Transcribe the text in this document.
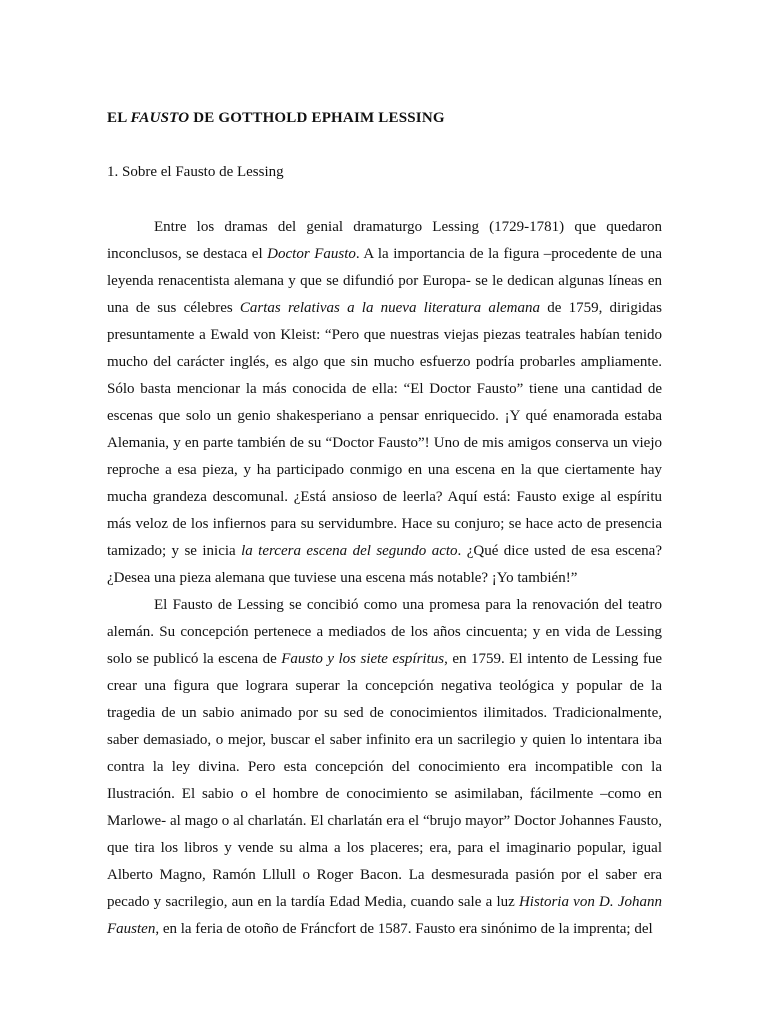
EL FAUSTO DE GOTTHOLD EPHAIM LESSING

1. Sobre el Fausto de Lessing

Entre los dramas del genial dramaturgo Lessing (1729-1781) que quedaron inconclusos, se destaca el Doctor Fausto. A la importancia de la figura –procedente de una leyenda renacentista alemana y que se difundió por Europa- se le dedican algunas líneas en una de sus célebres Cartas relativas a la nueva literatura alemana de 1759, dirigidas presuntamente a Ewald von Kleist: “Pero que nuestras viejas piezas teatrales habían tenido mucho del carácter inglés, es algo que sin mucho esfuerzo podría probarles ampliamente. Sólo basta mencionar la más conocida de ella: “El Doctor Fausto” tiene una cantidad de escenas que solo un genio shakesperiano a pensar enriquecido. ¡Y qué enamorada estaba Alemania, y en parte también de su “Doctor Fausto”! Uno de mis amigos conserva un viejo reproche a esa pieza, y ha participado conmigo en una escena en la que ciertamente hay mucha grandeza descomunal. ¿Está ansioso de leerla? Aquí está: Fausto exige al espíritu más veloz de los infiernos para su servidumbre. Hace su conjuro; se hace acto de presencia tamizado; y se inicia la tercera escena del segundo acto. ¿Qué dice usted de esa escena? ¿Desea una pieza alemana que tuviese una escena más notable? ¡Yo también!”

El Fausto de Lessing se concibió como una promesa para la renovación del teatro alemán. Su concepción pertenece a mediados de los años cincuenta; y en vida de Lessing solo se publicó la escena de Fausto y los siete espíritus, en 1759. El intento de Lessing fue crear una figura que lograra superar la concepción negativa teológica y popular de la tragedia de un sabio animado por su sed de conocimientos ilimitados. Tradicionalmente, saber demasiado, o mejor, buscar el saber infinito era un sacrilegio y quien lo intentara iba contra la ley divina. Pero esta concepción del conocimiento era incompatible con la Ilustración. El sabio o el hombre de conocimiento se asimilaban, fácilmente –como en Marlowe- al mago o al charlatán. El charlatán era el “brujo mayor” Doctor Johannes Fausto, que tira los libros y vende su alma a los placeres; era, para el imaginario popular, igual Alberto Magno, Ramón Lllull o Roger Bacon. La desmesurada pasión por el saber era pecado y sacrilegio, aun en la tardía Edad Media, cuando sale a luz Historia von D. Johann Fausten, en la feria de otoño de Fráncfort de 1587. Fausto era sinónimo de la imprenta; del
